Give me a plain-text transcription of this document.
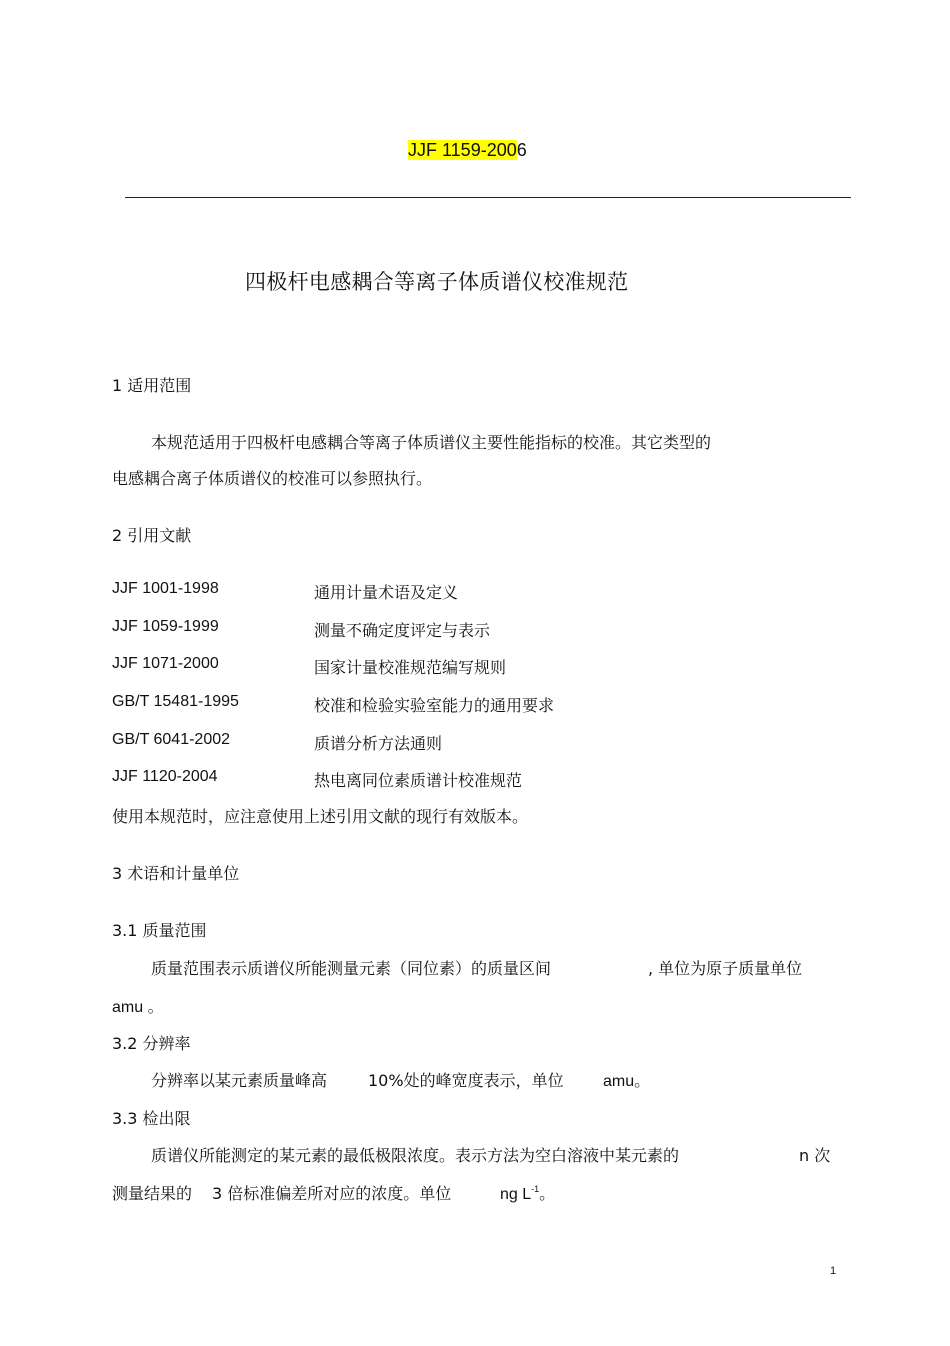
JJF 1159-2006
四极杆电感耦合等离子体质谱仪校准规范
1 适用范围
本规范适用于四极杆电感耦合等离子体质谱仪主要性能指标的校准。其它类型的
电感耦合离子体质谱仪的校准可以参照执行。
2 引用文献
JJF 1001-1998	通用计量术语及定义
JJF 1059-1999	测量不确定度评定与表示
JJF 1071-2000	国家计量校准规范编写规则
GB/T 15481-1995	校准和检验实验室能力的通用要求
GB/T 6041-2002	质谱分析方法通则
JJF 1120-2004	热电离同位素质谱计校准规范
使用本规范时，应注意使用上述引用文献的现行有效版本。
3 术语和计量单位
3.1 质量范围
质量范围表示质谱仪所能测量元素（同位素）的质量区间	, 单位为原子质量单位
amu 。
3.2 分辨率
分辨率以某元素质量峰高	10%处的峰宽度表示，单位 amu。
3.3 检出限
质谱仪所能测定的某元素的最低极限浓度。表示方法为空白溶液中某元素的	n 次
测量结果的 3 倍标准偏差所对应的浓度。单位	ng $L^{-1}$。
1
